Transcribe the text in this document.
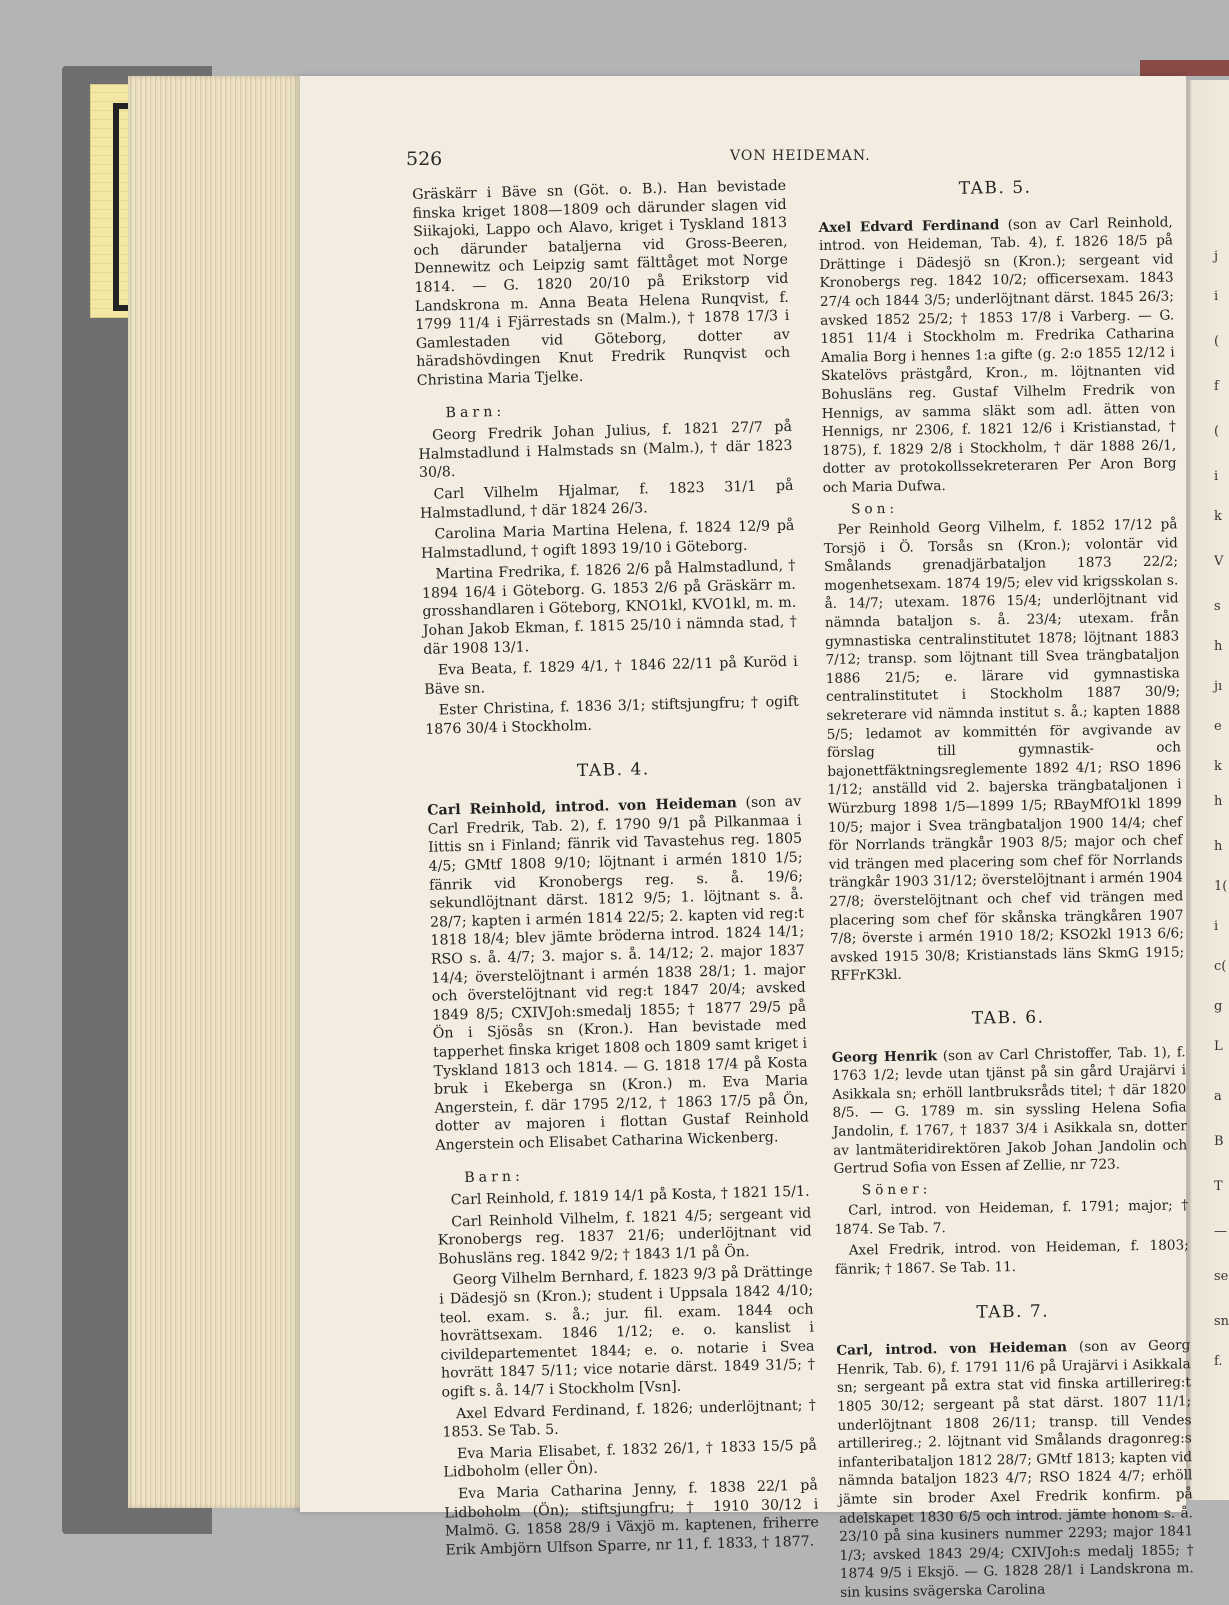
j
i
(
f
(
i
k
V
s
h
jı
e
k
h
h
1(
i
c(
g
L
a
B
T
—
se
sn
f.
526	VON HEIDEMAN.

Gräskärr i Bäve sn (Göt. o. B.). Han bevistade finska kriget 1808—1809 och därunder slagen vid Siikajoki, Lappo och Alavo, kriget i Tyskland 1813 och därunder bataljerna vid Gross-Beeren, Dennewitz och Leipzig samt fälttåget mot Norge 1814. — G. 1820 20/10 på Erikstorp vid Landskrona m. Anna Beata Helena Runqvist, f. 1799 11/4 i Fjärrestads sn (Malm.), † 1878 17/3 i Gamlestaden vid Göteborg, dotter av häradshövdingen Knut Fredrik Runqvist och Christina Maria Tjelke.

Barn:

Georg Fredrik Johan Julius, f. 1821 27/7 på Halmstadlund i Halmstads sn (Malm.), † där 1823 30/8.

Carl Vilhelm Hjalmar, f. 1823 31/1 på Halmstadlund, † där 1824 26/3.

Carolina Maria Martina Helena, f. 1824 12/9 på Halmstadlund, † ogift 1893 19/10 i Göteborg.

Martina Fredrika, f. 1826 2/6 på Halmstadlund, † 1894 16/4 i Göteborg. G. 1853 2/6 på Gräskärr m. grosshandlaren i Göteborg, KNO1kl, KVO1kl, m. m. Johan Jakob Ekman, f. 1815 25/10 i nämnda stad, † där 1908 13/1.

Eva Beata, f. 1829 4/1, † 1846 22/11 på Kuröd i Bäve sn.

Ester Christina, f. 1836 3/1; stiftsjungfru; † ogift 1876 30/4 i Stockholm.

TAB. 4.

Carl Reinhold, introd. von Heideman (son av Carl Fredrik, Tab. 2), f. 1790 9/1 på Pilkanmaa i Iittis sn i Finland; fänrik vid Tavastehus reg. 1805 4/5; GMtf 1808 9/10; löjtnant i armén 1810 1/5; fänrik vid Kronobergs reg. s. å. 19/6; sekundlöjtnant därst. 1812 9/5; 1. löjtnant s. å. 28/7; kapten i armén 1814 22/5; 2. kapten vid reg:t 1818 18/4; blev jämte bröderna introd. 1824 14/1; RSO s. å. 4/7; 3. major s. å. 14/12; 2. major 1837 14/4; överstelöjtnant i armén 1838 28/1; 1. major och överstelöjtnant vid reg:t 1847 20/4; avsked 1849 8/5; CXIVJoh:smedalj 1855; † 1877 29/5 på Ön i Sjösås sn (Kron.). Han bevistade med tapperhet finska kriget 1808 och 1809 samt kriget i Tyskland 1813 och 1814. — G. 1818 17/4 på Kosta bruk i Ekeberga sn (Kron.) m. Eva Maria Angerstein, f. där 1795 2/12, † 1863 17/5 på Ön, dotter av majoren i flottan Gustaf Reinhold Angerstein och Elisabet Catharina Wickenberg.

Barn:

Carl Reinhold, f. 1819 14/1 på Kosta, † 1821 15/1.

Carl Reinhold Vilhelm, f. 1821 4/5; sergeant vid Kronobergs reg. 1837 21/6; underlöjtnant vid Bohusläns reg. 1842 9/2; † 1843 1/1 på Ön.

Georg Vilhelm Bernhard, f. 1823 9/3 på Drättinge i Dädesjö sn (Kron.); student i Uppsala 1842 4/10; teol. exam. s. å.; jur. fil. exam. 1844 och hovrättsexam. 1846 1/12; e. o. kanslist i civildepartementet 1844; e. o. notarie i Svea hovrätt 1847 5/11; vice notarie därst. 1849 31/5; † ogift s. å. 14/7 i Stockholm [Vsn].

Axel Edvard Ferdinand, f. 1826; underlöjtnant; † 1853. Se Tab. 5.

Eva Maria Elisabet, f. 1832 26/1, † 1833 15/5 på Lidboholm (eller Ön).

Eva Maria Catharina Jenny, f. 1838 22/1 på Lidboholm (Ön); stiftsjungfru; † 1910 30/12 i Malmö. G. 1858 28/9 i Växjö m. kaptenen, friherre Erik Ambjörn Ulfson Sparre, nr 11, f. 1833, † 1877.

TAB. 5.

Axel Edvard Ferdinand (son av Carl Reinhold, introd. von Heideman, Tab. 4), f. 1826 18/5 på Drättinge i Dädesjö sn (Kron.); sergeant vid Kronobergs reg. 1842 10/2; officersexam. 1843 27/4 och 1844 3/5; underlöjtnant därst. 1845 26/3; avsked 1852 25/2; † 1853 17/8 i Varberg. — G. 1851 11/4 i Stockholm m. Fredrika Catharina Amalia Borg i hennes 1:a gifte (g. 2:o 1855 12/12 i Skatelövs prästgård, Kron., m. löjtnanten vid Bohusläns reg. Gustaf Vilhelm Fredrik von Hennigs, av samma släkt som adl. ätten von Hennigs, nr 2306, f. 1821 12/6 i Kristianstad, † 1875), f. 1829 2/8 i Stockholm, † där 1888 26/1, dotter av protokollssekreteraren Per Aron Borg och Maria Dufwa.

Son:

Per Reinhold Georg Vilhelm, f. 1852 17/12 på Torsjö i Ö. Torsås sn (Kron.); volontär vid Smålands grenadjärbataljon 1873 22/2; mogenhetsexam. 1874 19/5; elev vid krigsskolan s. å. 14/7; utexam. 1876 15/4; underlöjtnant vid nämnda bataljon s. å. 23/4; utexam. från gymnastiska centralinstitutet 1878; löjtnant 1883 7/12; transp. som löjtnant till Svea trängbataljon 1886 21/5; e. lärare vid gymnastiska centralinstitutet i Stockholm 1887 30/9; sekreterare vid nämnda institut s. å.; kapten 1888 5/5; ledamot av kommittén för avgivande av förslag till gymnastik- och bajonettfäktningsreglemente 1892 4/1; RSO 1896 1/12; anställd vid 2. bajerska trängbataljonen i Würzburg 1898 1/5—1899 1/5; RBayMfO1kl 1899 10/5; major i Svea trängbataljon 1900 14/4; chef för Norrlands trängkår 1903 8/5; major och chef vid trängen med placering som chef för Norrlands trängkår 1903 31/12; överstelöjtnant i armén 1904 27/8; överstelöjtnant och chef vid trängen med placering som chef för skånska trängkåren 1907 7/8; överste i armén 1910 18/2; KSO2kl 1913 6/6; avsked 1915 30/8; Kristianstads läns SkmG 1915; RFFrK3kl.

TAB. 6.

Georg Henrik (son av Carl Christoffer, Tab. 1), f. 1763 1/2; levde utan tjänst på sin gård Urajärvi i Asikkala sn; erhöll lantbruksråds titel; † där 1820 8/5. — G. 1789 m. sin syssling Helena Sofia Jandolin, f. 1767, † 1837 3/4 i Asikkala sn, dotter av lantmäteridirektören Jakob Johan Jandolin och Gertrud Sofia von Essen af Zellie, nr 723.

Söner:

Carl, introd. von Heideman, f. 1791; major; † 1874. Se Tab. 7.

Axel Fredrik, introd. von Heideman, f. 1803; fänrik; † 1867. Se Tab. 11.

TAB. 7.

Carl, introd. von Heideman (son av Georg Henrik, Tab. 6), f. 1791 11/6 på Urajärvi i Asikkala sn; sergeant på extra stat vid finska artillerireg:t 1805 30/12; sergeant på stat därst. 1807 11/1; underlöjtnant 1808 26/11; transp. till Vendes artillerireg.; 2. löjtnant vid Smålands dragonreg:s infanteribataljon 1812 28/7; GMtf 1813; kapten vid nämnda bataljon 1823 4/7; RSO 1824 4/7; erhöll jämte sin broder Axel Fredrik konfirm. på adelskapet 1830 6/5 och introd. jämte honom s. å. 23/10 på sina kusiners nummer 2293; major 1841 1/3; avsked 1843 29/4; CXIVJoh:s medalj 1855; † 1874 9/5 i Eksjö. — G. 1828 28/1 i Landskrona m. sin kusins svägerska Carolina
